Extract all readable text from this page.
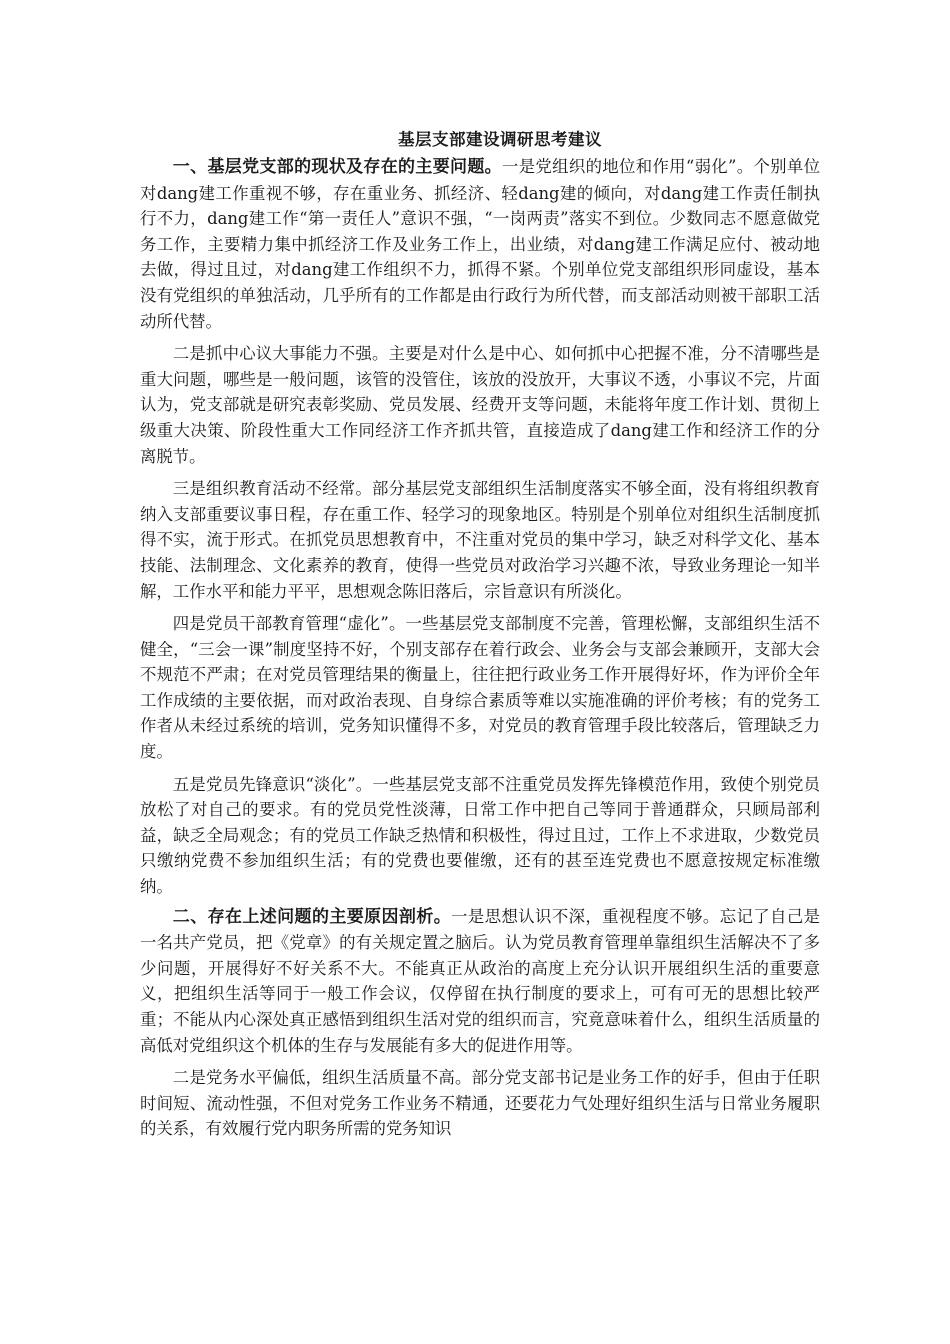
基层支部建设调研思考建议

一、基层党支部的现状及存在的主要问题。一是党组织的地位和作用“弱化”。个别单位对dang建工作重视不够，存在重业务、抓经济、轻dang建的倾向，对dang建工作责任制执行不力，dang建工作“第一责任人”意识不强，“一岗两责”落实不到位。少数同志不愿意做党务工作，主要精力集中抓经济工作及业务工作上，出业绩，对dang建工作满足应付、被动地去做，得过且过，对dang建工作组织不力，抓得不紧。个别单位党支部组织形同虚设，基本没有党组织的单独活动，几乎所有的工作都是由行政行为所代替，而支部活动则被干部职工活动所代替。

二是抓中心议大事能力不强。主要是对什么是中心、如何抓中心把握不准，分不清哪些是重大问题，哪些是一般问题，该管的没管住，该放的没放开，大事议不透，小事议不完，片面认为，党支部就是研究表彰奖励、党员发展、经费开支等问题，未能将年度工作计划、贯彻上级重大决策、阶段性重大工作同经济工作齐抓共管，直接造成了dang建工作和经济工作的分离脱节。

三是组织教育活动不经常。部分基层党支部组织生活制度落实不够全面，没有将组织教育纳入支部重要议事日程，存在重工作、轻学习的现象地区。特别是个别单位对组织生活制度抓得不实，流于形式。在抓党员思想教育中，不注重对党员的集中学习，缺乏对科学文化、基本技能、法制理念、文化素养的教育，使得一些党员对政治学习兴趣不浓，导致业务理论一知半解，工作水平和能力平平，思想观念陈旧落后，宗旨意识有所淡化。

四是党员干部教育管理“虚化”。一些基层党支部制度不完善，管理松懈，支部组织生活不健全，“三会一课”制度坚持不好，个别支部存在着行政会、业务会与支部会兼顾开，支部大会不规范不严肃；在对党员管理结果的衡量上，往往把行政业务工作开展得好坏，作为评价全年工作成绩的主要依据，而对政治表现、自身综合素质等难以实施准确的评价考核；有的党务工作者从未经过系统的培训，党务知识懂得不多，对党员的教育管理手段比较落后，管理缺乏力度。

五是党员先锋意识“淡化”。一些基层党支部不注重党员发挥先锋模范作用，致使个别党员放松了对自己的要求。有的党员党性淡薄，日常工作中把自己等同于普通群众，只顾局部利益，缺乏全局观念；有的党员工作缺乏热情和积极性，得过且过，工作上不求进取，少数党员只缴纳党费不参加组织生活；有的党费也要催缴，还有的甚至连党费也不愿意按规定标准缴纳。

二、存在上述问题的主要原因剖析。一是思想认识不深，重视程度不够。忘记了自己是一名共产党员，把《党章》的有关规定置之脑后。认为党员教育管理单靠组织生活解决不了多少问题，开展得好不好关系不大。不能真正从政治的高度上充分认识开展组织生活的重要意义，把组织生活等同于一般工作会议，仅停留在执行制度的要求上，可有可无的思想比较严重；不能从内心深处真正感悟到组织生活对党的组织而言，究竟意味着什么，组织生活质量的高低对党组织这个机体的生存与发展能有多大的促进作用等。

二是党务水平偏低，组织生活质量不高。部分党支部书记是业务工作的好手，但由于任职时间短、流动性强，不但对党务工作业务不精通，还要花力气处理好组织生活与日常业务履职的关系，有效履行党内职务所需的党务知识
